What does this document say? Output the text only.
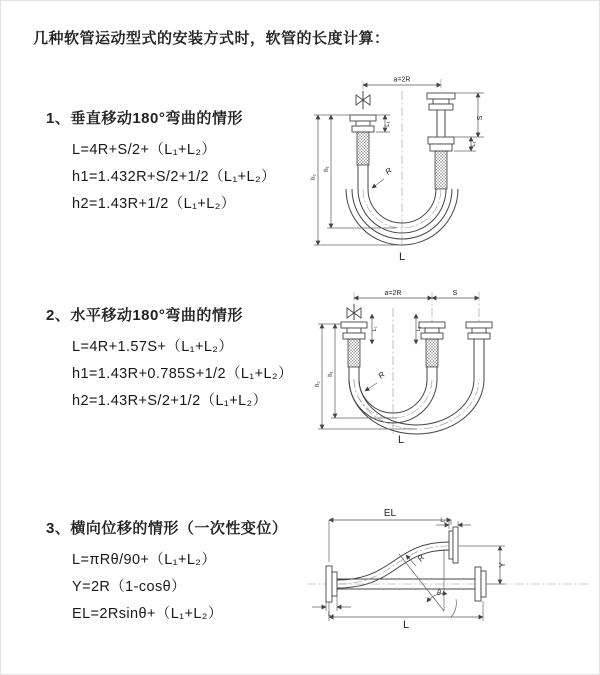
几种软管运动型式的安装方式时，软管的长度计算：
1、垂直移动180°弯曲的情形
L=4R+S/2+（L₁+L₂）
h1=1.432R+S/2+1/2（L₁+L₂）
h2=1.43R+1/2（L₁+L₂）
2、水平移动180°弯曲的情形
L=4R+1.57S+（L₁+L₂）
h1=1.43R+0.785S+1/2（L₁+L₂）
h2=1.43R+S/2+1/2（L₁+L₂）
3、横向位移的情形（一次性变位）
L=πRθ/90+（L₁+L₂）
Y=2R（1-cosθ）
EL=2Rsinθ+（L₁+L₂）
a=2R
R
S
L₁
L₁
h₁
h₂
L
a=2R	S
L₁	L₁
R
h₁
h₂
L
EL
L₁
Y
θ
R
L
L₂
